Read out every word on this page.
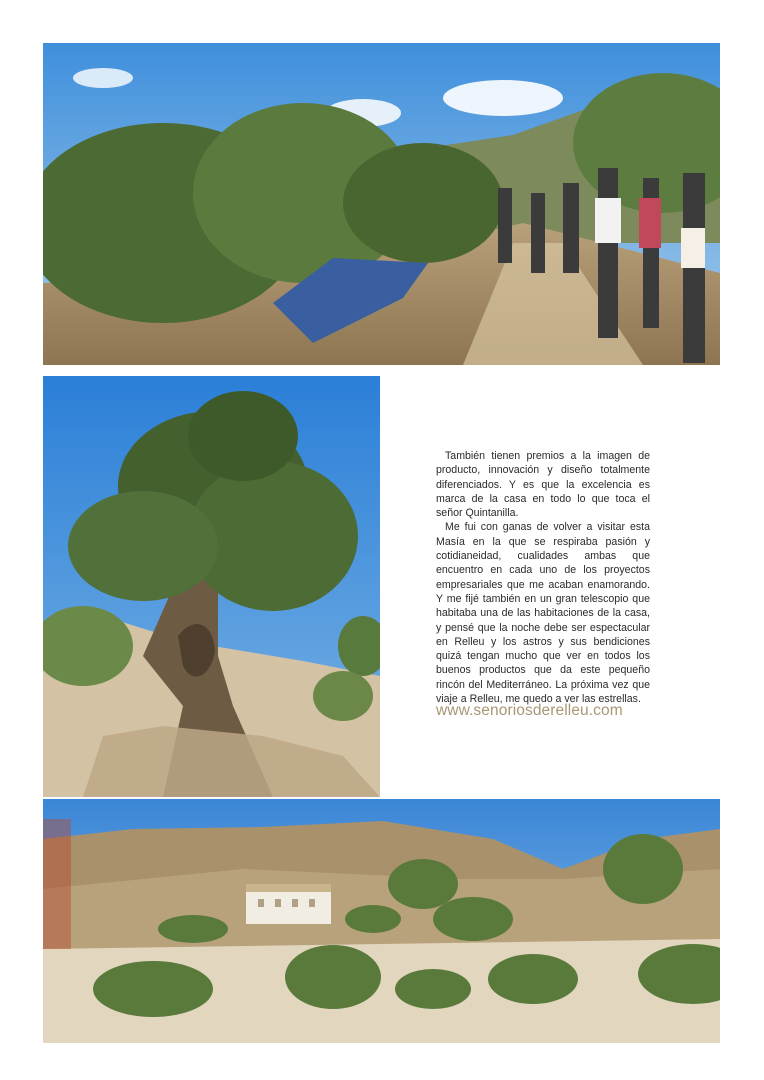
También tienen premios a la imagen de producto, innovación y diseño totalmente diferenciados. Y es que la excelencia es marca de la casa en todo lo que toca el señor Quintanilla.

Me fui con ganas de volver a visitar esta Masía en la que se respiraba pasión y cotidianeidad, cualidades ambas que encuentro en cada uno de los proyectos empresariales que me acaban enamorando. Y me fijé también en un gran telescopio que habitaba una de las habitaciones de la casa, y pensé que la noche debe ser espectacular en Relleu y los astros y sus bendiciones quizá tengan mucho que ver en todos los buenos productos que da este pequeño rincón del Mediterráneo. La próxima vez que viaje a Relleu, me quedo a ver las estrellas.

www.senoriosderelleu.com
